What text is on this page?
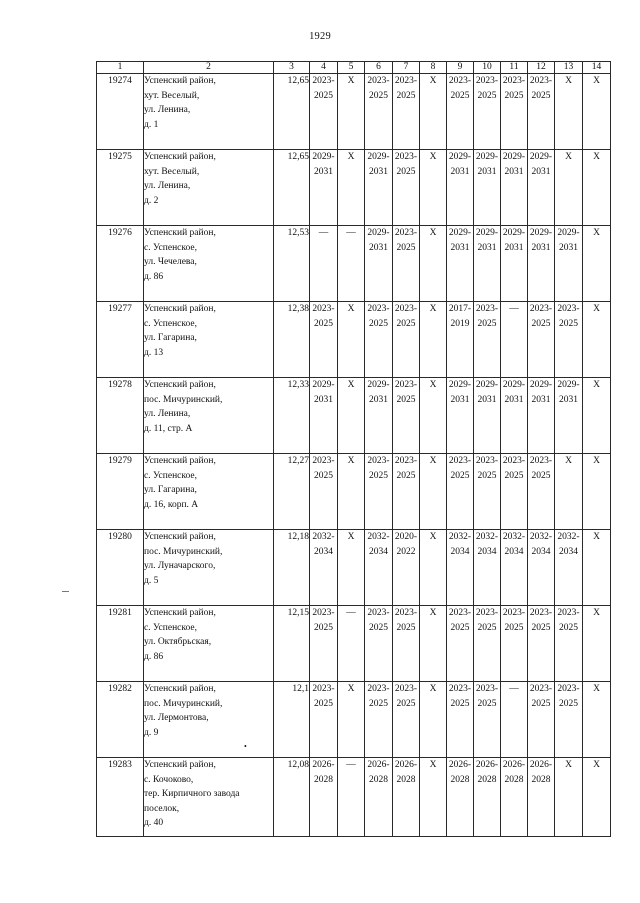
1929
1	2	3	4	5	6	7	8	9	10	11	12	13	14
19274	Успенский район,
хут. Веселый,
ул. Ленина,
д. 1	12,65	2023-
2025	X	2023-
2025	2023-
2025	X	2023-
2025	2023-
2025	2023-
2025	2023-
2025	X	X

19275	Успенский район,
хут. Веселый,
ул. Ленина,
д. 2	12,65	2029-
2031	X	2029-
2031	2023-
2025	X	2029-
2031	2029-
2031	2029-
2031	2029-
2031	X	X

19276	Успенский район,
с. Успенское,
ул. Чечелева,
д. 86	12,53	—	—	2029-
2031	2023-
2025	X	2029-
2031	2029-
2031	2029-
2031	2029-
2031	2029-
2031	X

19277	Успенский район,
с. Успенское,
ул. Гагарина,
д. 13	12,38	2023-
2025	X	2023-
2025	2023-
2025	X	2017-
2019	2023-
2025	—	2023-
2025	2023-
2025	X

19278	Успенский район,
пос. Мичуринский,
ул. Ленина,
д. 11, стр. А	12,33	2029-
2031	X	2029-
2031	2023-
2025	X	2029-
2031	2029-
2031	2029-
2031	2029-
2031	2029-
2031	X

19279	Успенский район,
с. Успенское,
ул. Гагарина,
д. 16, корп. А	12,27	2023-
2025	X	2023-
2025	2023-
2025	X	2023-
2025	2023-
2025	2023-
2025	2023-
2025	X	X

19280	Успенский район,
пос. Мичуринский,
ул. Луначарского,
д. 5	12,18	2032-
2034	X	2032-
2034	2020-
2022	X	2032-
2034	2032-
2034	2032-
2034	2032-
2034	2032-
2034	X

19281	Успенский район,
с. Успенское,
ул. Октябрьская,
д. 86	12,15	2023-
2025	—	2023-
2025	2023-
2025	X	2023-
2025	2023-
2025	2023-
2025	2023-
2025	2023-
2025	X

19282	Успенский район,
пос. Мичуринский,
ул. Лермонтова,
д. 9	12,1	2023-
2025	X	2023-
2025	2023-
2025	X	2023-
2025	2023-
2025	—	2023-
2025	2023-
2025	X

19283	Успенский район,
с. Кочоково,
тер. Кирпичного завода
поселок,
д. 40	12,08	2026-
2028	—	2026-
2028	2026-
2028	X	2026-
2028	2026-
2028	2026-
2028	2026-
2028	X	X
•
